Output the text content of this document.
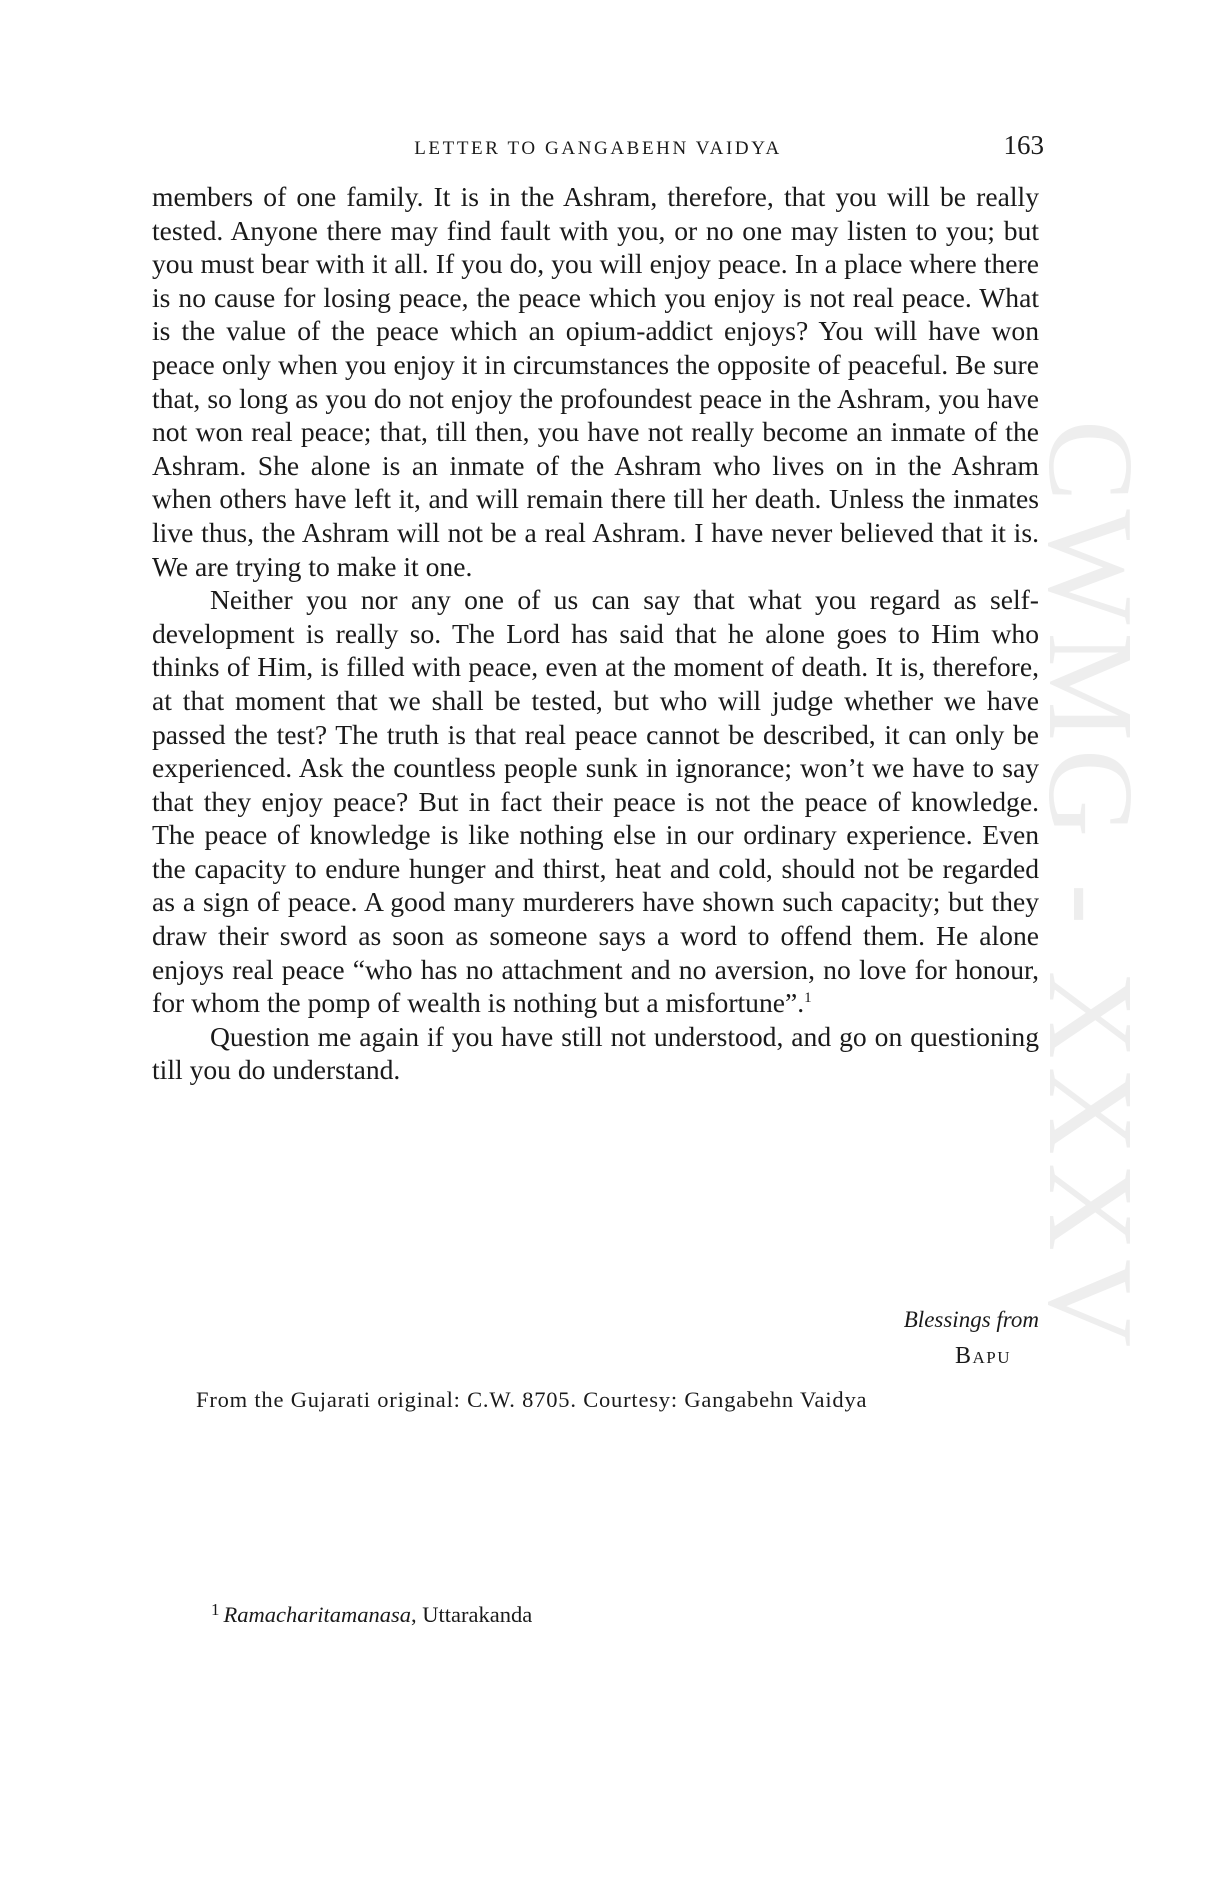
CWMG - XXXV
LETTER TO GANGABEHN VAIDYA	163

members of one family. It is in the Ashram, therefore, that you will be really tested. Anyone there may find fault with you, or no one may listen to you; but you must bear with it all. If you do, you will enjoy peace. In a place where there is no cause for losing peace, the peace which you enjoy is not real peace. What is the value of the peace which an opium-addict enjoys? You will have won peace only when you enjoy it in circumstances the opposite of peaceful. Be sure that, so long as you do not enjoy the profoundest peace in the Ashram, you have not won real peace; that, till then, you have not really become an inmate of the Ashram. She alone is an inmate of the Ashram who lives on in the Ashram when others have left it, and will remain there till her death. Unless the inmates live thus, the Ashram will not be a real Ashram. I have never believed that it is. We are trying to make it one.

Neither you nor any one of us can say that what you regard as self-development is really so. The Lord has said that he alone goes to Him who thinks of Him, is filled with peace, even at the moment of death. It is, therefore, at that moment that we shall be tested, but who will judge whether we have passed the test? The truth is that real peace cannot be described, it can only be experienced. Ask the countless people sunk in ignorance; won’t we have to say that they enjoy peace? But in fact their peace is not the peace of knowledge. The peace of knowledge is like nothing else in our ordinary experience. Even the capacity to endure hunger and thirst, heat and cold, should not be regarded as a sign of peace. A good many murderers have shown such capacity; but they draw their sword as soon as someone says a word to offend them. He alone enjoys real peace “who has no attachment and no aversion, no love for honour, for whom the pomp of wealth is nothing but a misfortune”.$^1$

Question me again if you have still not understood, and go on questioning till you do understand.

Blessings from
Bapu
From the Gujarati original: C.W. 8705. Courtesy: Gangabehn Vaidya
$^1$ Ramacharitamanasa, Uttarakanda
